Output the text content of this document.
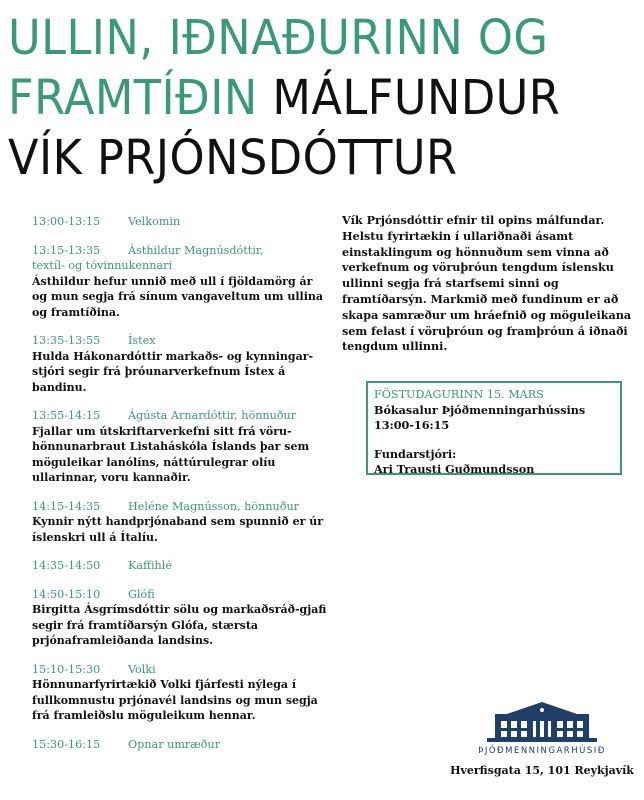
ULLIN, IÐNAÐURINN OG
FRAMTÍÐIN MÁLFUNDUR
VÍK PRJÓNSDÓTTUR
13:00-13:15 Velkomin
13:15-13:35 Ásthildur Magnúsdóttir,
textíl- og tóvinnukennari
Ásthildur hefur unnið með ull í fjöldamörg ár og mun segja frá sínum vangaveltum um ullina og framtíðina.
13:35-13:55 Ístex
Hulda Hákonardóttir markaðs- og kynningar-stjóri segir frá þróunarverkefnum Ístex á bandinu.
13:55-14:15 Ágústa Arnardóttir, hönnuður
Fjallar um útskriftarverkefni sitt frá vöru-hönnunarbraut Listaháskóla Íslands þar sem möguleikar lanólíns, náttúrulegrar olíu ullarinnar, voru kannaðir.
14:15-14:35 Heléne Magnússon, hönnuður
Kynnir nýtt handprjónaband sem spunnið er úr íslenskri ull á Ítalíu.
14:35-14:50 Kaffihlé
14:50-15:10 Glófi
Birgitta Ásgrímsdóttir sölu og markaðsráð-gjafi segir frá framtíðarsýn Glófa, stærsta prjónaframleiðanda landsins.
15:10-15:30 Volki
Hönnunarfyrirtækið Volki fjárfesti nýlega í fullkomnustu prjónavél landsins og mun segja frá framleiðslu möguleikum hennar.
15:30-16:15 Opnar umræður
Vík Prjónsdóttir efnir til opins málfundar. Helstu fyrirtækin í ullariðnaði ásamt einstaklingum og hönnuðum sem vinna að verkefnum og vöruþróun tengdum íslensku ullinni segja frá starfsemi sinni og framtíðarsýn. Markmið með fundinum er að skapa samræður um hráefnið og möguleikana sem felast í vöruþróun og framþróun á iðnaði tengdum ullinni.
FÖSTUDAGURINN 15. MARS
Bókasalur Þjóðmenningarhússins
13:00-16:15
Fundarstjóri:
Ari Trausti Guðmundsson
ÞJÓÐMENNINGARHÚSIÐ
Hverfisgata 15, 101 Reykjavík
